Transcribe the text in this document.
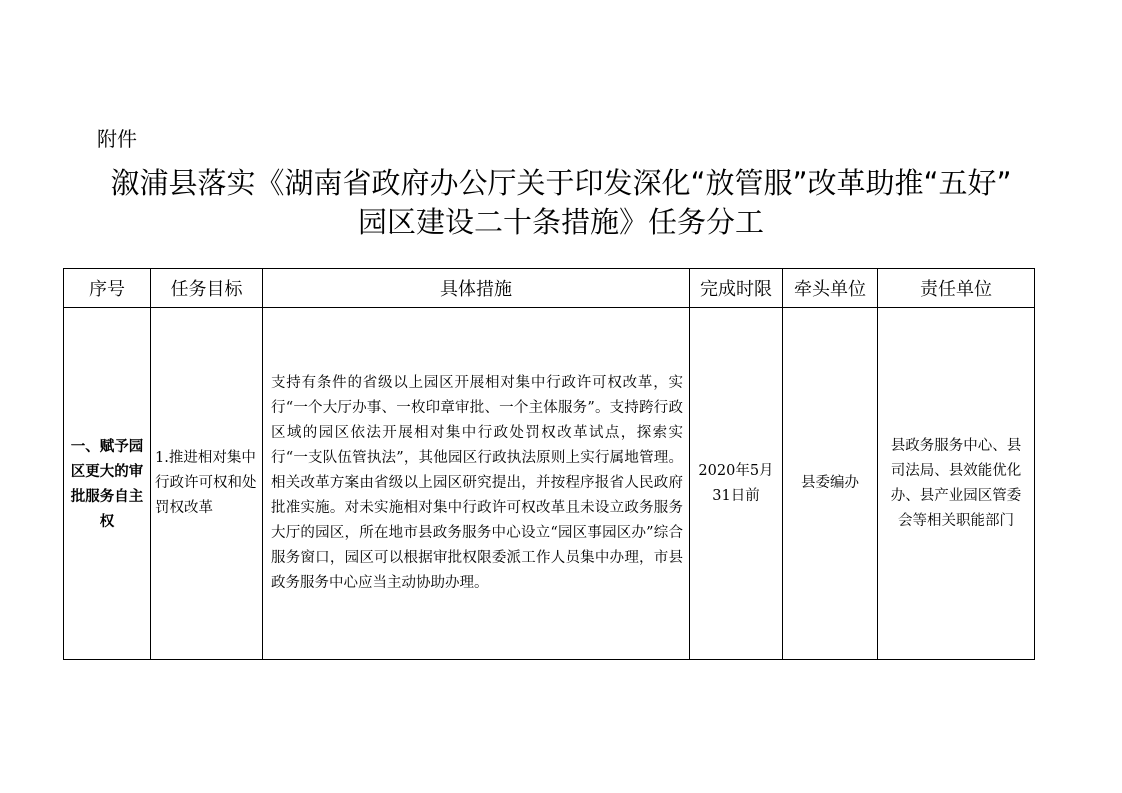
附件
溆浦县落实《湖南省政府办公厅关于印发深化“放管服”改革助推“五好”
园区建设二十条措施》任务分工
序号	任务目标	具体措施	完成时限	牵头单位	责任单位
一、赋予园区更大的审批服务自主权	1.推进相对集中行政许可权和处罚权改革	支持有条件的省级以上园区开展相对集中行政许可权改革，实行“一个大厅办事、一枚印章审批、一个主体服务”。支持跨行政区域的园区依法开展相对集中行政处罚权改革试点，探索实行“一支队伍管执法”，其他园区行政执法原则上实行属地管理。相关改革方案由省级以上园区研究提出，并按程序报省人民政府批准实施。对未实施相对集中行政许可权改革且未设立政务服务大厅的园区，所在地市县政务服务中心设立“园区事园区办”综合服务窗口，园区可以根据审批权限委派工作人员集中办理，市县政务服务中心应当主动协助办理。	2020年5月31日前	县委编办	县政务服务中心、县司法局、县效能优化办、县产业园区管委会等相关职能部门
